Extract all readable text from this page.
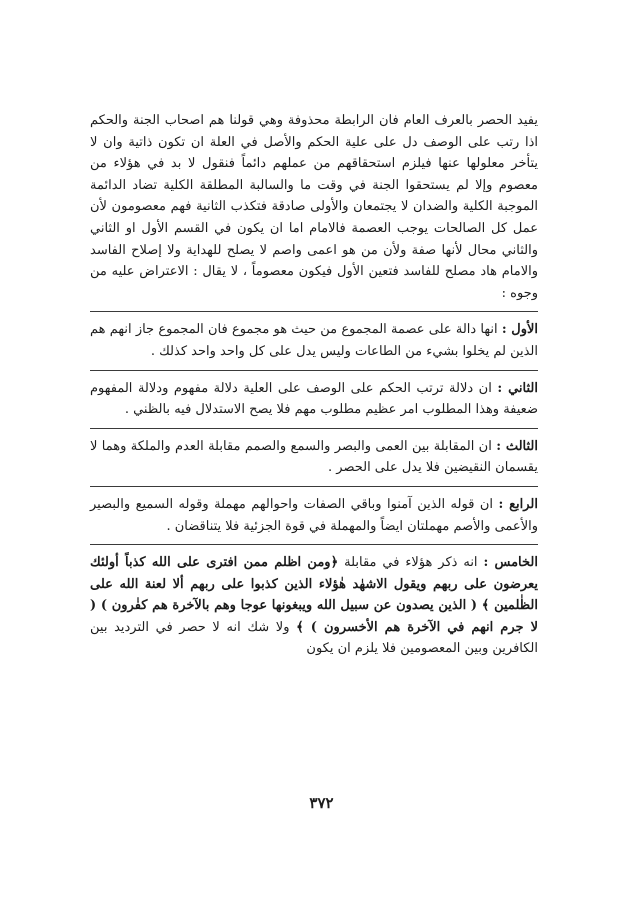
يفيد الحصر بالعرف العام فان الرابطة محذوفة وهي قولنا هم اصحاب الجنة والحكم اذا رتب على الوصف دل على علية الحكم والأصل في العلة ان تكون ذاتية وان لا يتأخر معلولها عنها فيلزم استحقاقهم من عملهم دائماً فنقول لا بد في هؤلاء من معصوم وإلا لم يستحقوا الجنة في وقت ما والسالبة المطلقة الكلية تضاد الدائمة الموجبة الكلية والضدان لا يجتمعان والأولى صادقة فتكذب الثانية فهم معصومون لأن عمل كل الصالحات يوجب العصمة فالامام اما ان يكون في القسم الأول او الثاني والثاني محال لأنها صفة ولأن من هو اعمى واصم لا يصلح للهداية ولا إصلاح الفاسد والامام هاد مصلح للفاسد فتعين الأول فيكون معصوماً ، لا يقال : الاعتراض عليه من وجوه :

الأول : انها دالة على عصمة المجموع من حيث هو مجموع فان المجموع جاز انهم هم الذين لم يخلوا بشيء من الطاعات وليس يدل على كل واحد واحد كذلك .

الثاني : ان دلالة ترتب الحكم على الوصف على العلية دلالة مفهوم ودلالة المفهوم ضعيفة وهذا المطلوب امر عظيم مطلوب مهم فلا يصح الاستدلال فيه بالظني .

الثالث : ان المقابلة بين العمى والبصر والسمع والصمم مقابلة العدم والملكة وهما لا يقسمان النقيضين فلا يدل على الحصر .

الرابع : ان قوله الذين آمنوا وباقي الصفات واحوالهم مهملة وقوله السميع والبصير والأعمى والأصم مهملتان ايضاً والمهملة في قوة الجزئية فلا يتناقضان .

الخامس : انه ذكر هؤلاء في مقابلة ﴿ومن اظلم ممن افترى على الله كذباً أولئك يعرضون على ربهم ويقول الاشهٰد هٰؤلاء الذين كذبوا على ربهم ألا لعنة الله على الظٰلمين ﴾ ( الذين يصدون عن سبيل الله ويبغونها عوجا وهم بالآخرة هم كفٰرون ) ( لا جرم انهم في الآخرة هم الأخسرون ) ﴾ ولا شك انه لا حصر في الترديد بين الكافرين وبين المعصومين فلا يلزم ان يكون

٣٧٢
